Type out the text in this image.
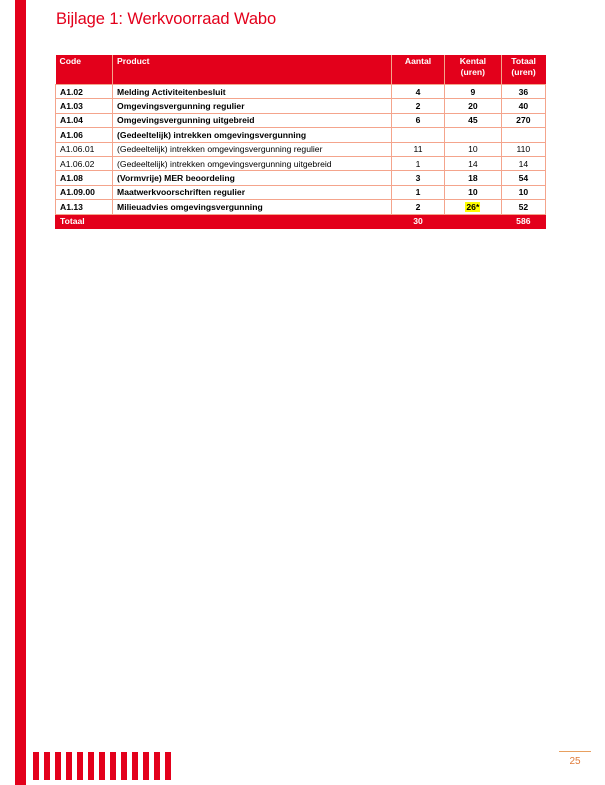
Bijlage 1: Werkvoorraad Wabo
Code	Product	Aantal	Kental (uren)	Totaal (uren)
A1.02	Melding Activiteitenbesluit	4	9	36
A1.03	Omgevingsvergunning regulier	2	20	40
A1.04	Omgevingsvergunning uitgebreid	6	45	270
A1.06	(Gedeeltelijk) intrekken omgevingsvergunning			
A1.06.01	(Gedeeltelijk) intrekken omgevingsvergunning regulier	11	10	110
A1.06.02	(Gedeeltelijk) intrekken omgevingsvergunning uitgebreid	1	14	14
A1.08	(Vormvrije) MER beoordeling	3	18	54
A1.09.00	Maatwerkvoorschriften regulier	1	10	10
A1.13	Milieuadvies omgevingsvergunning	2	26*	52
Totaal		30		586
25
